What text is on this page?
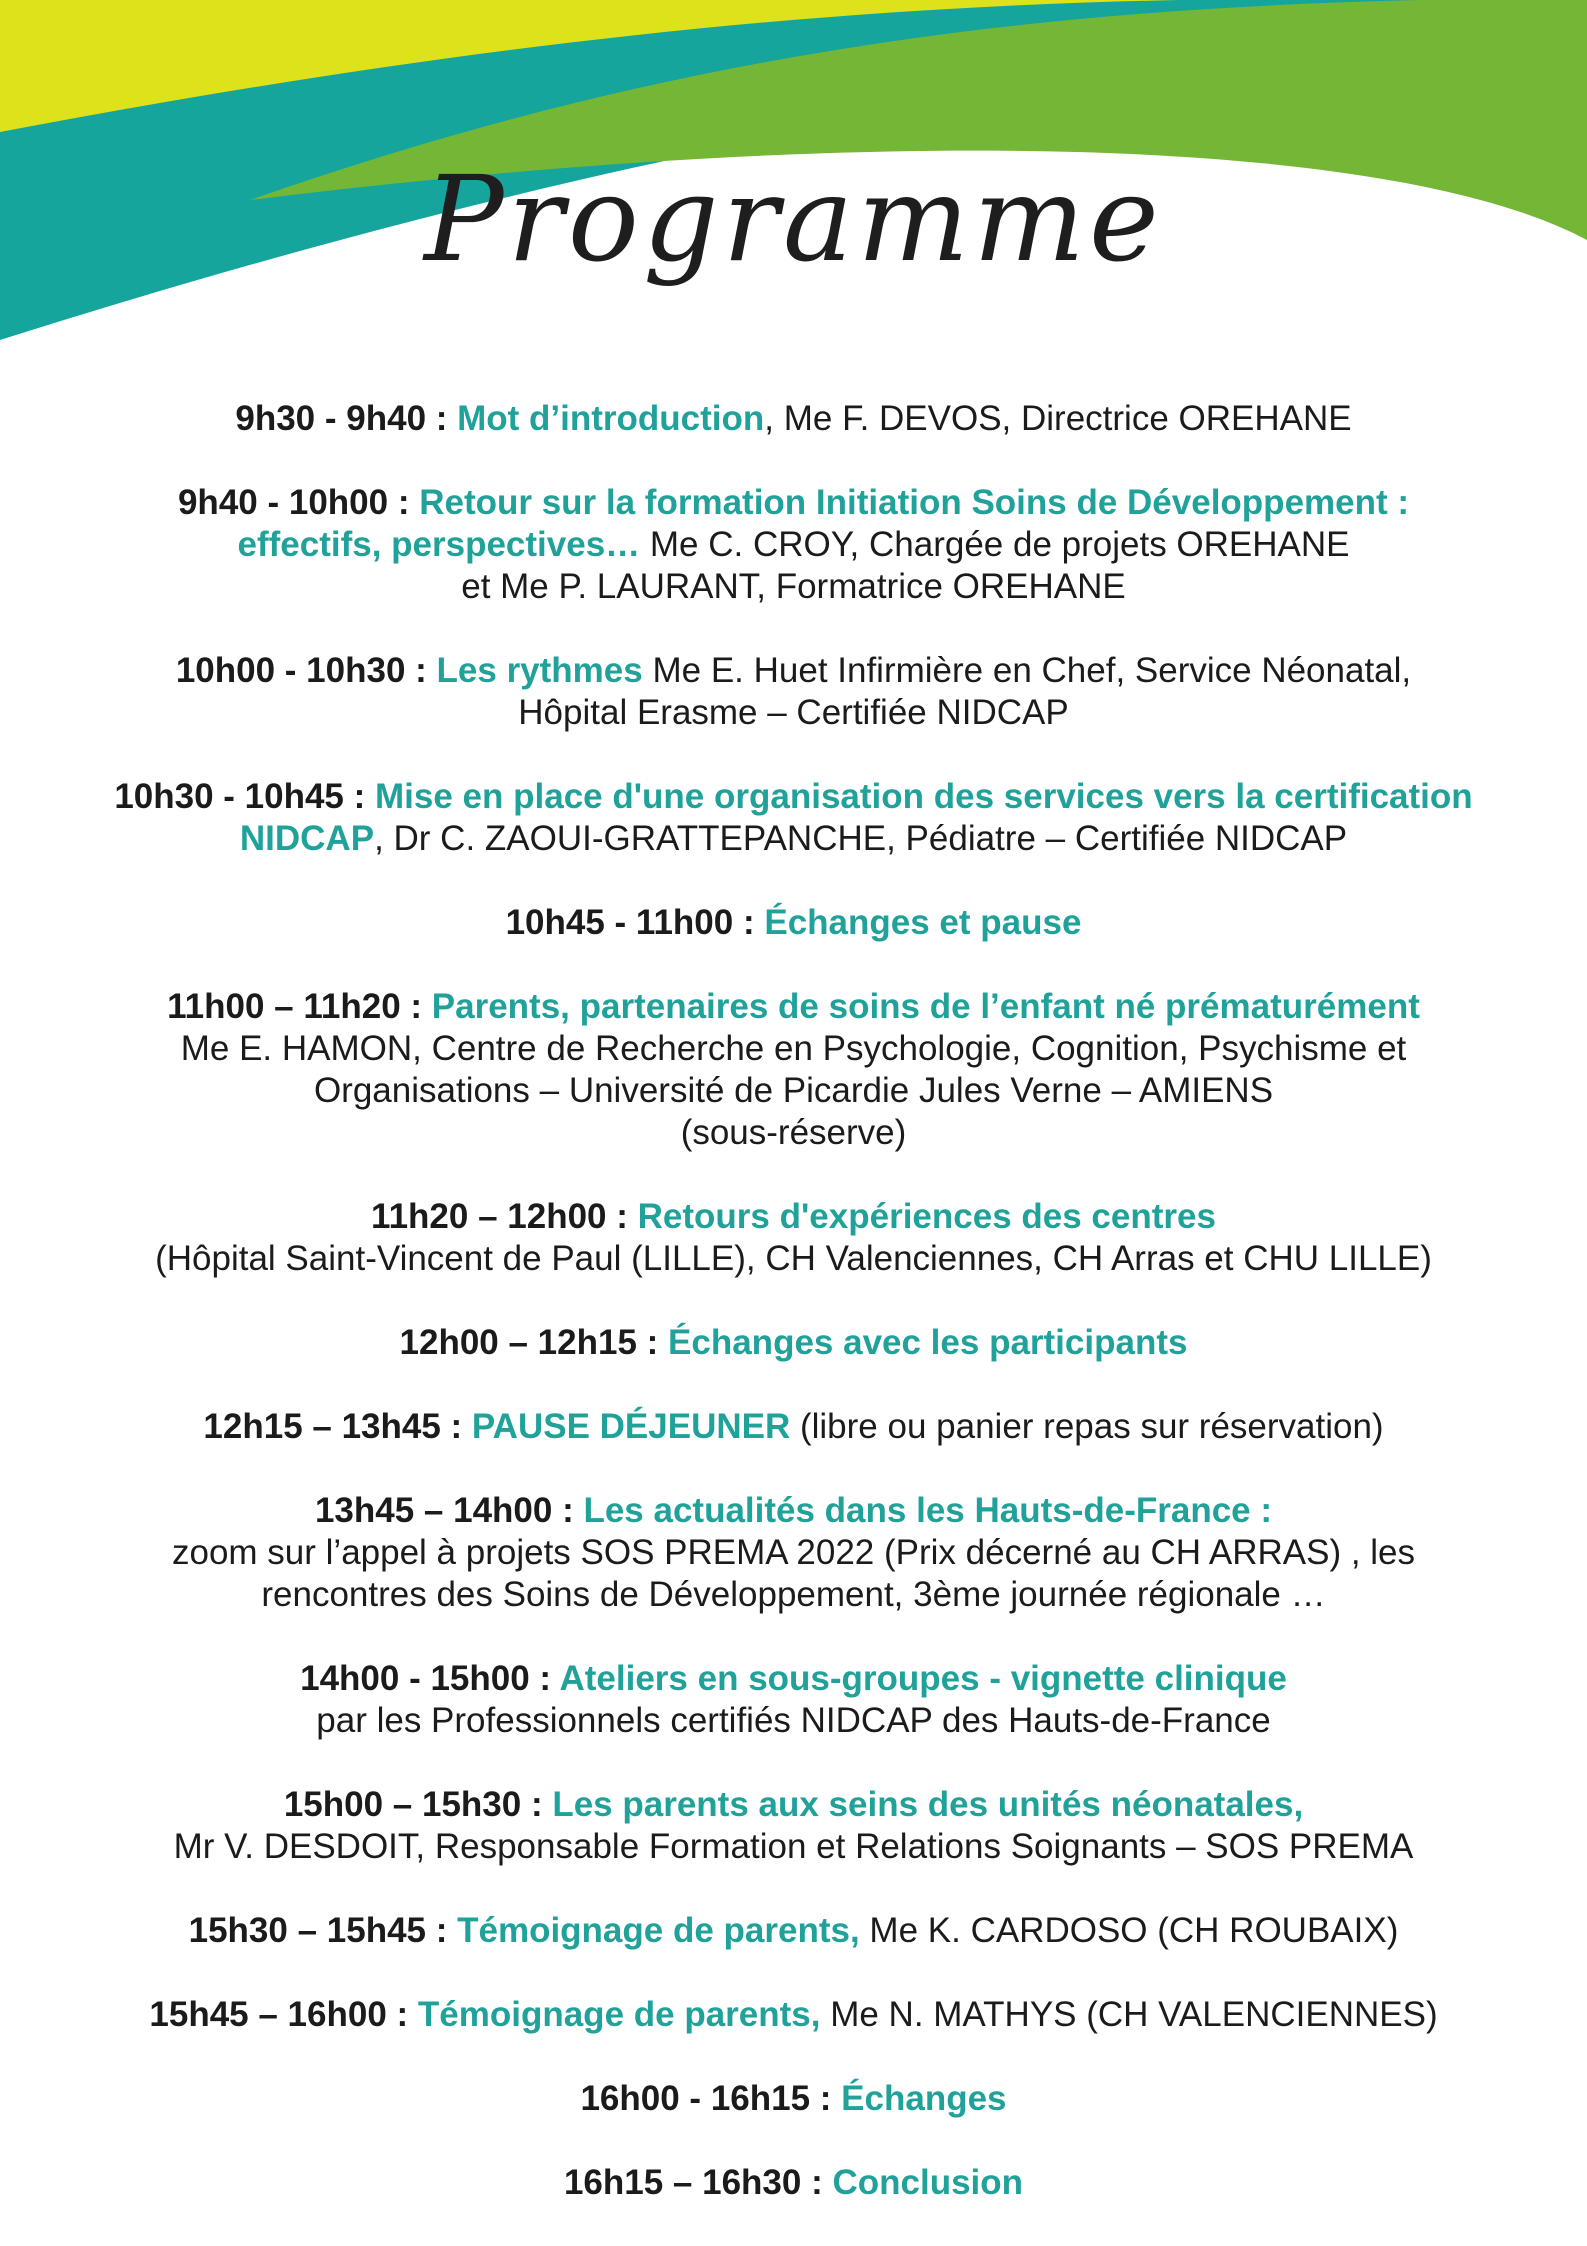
Programme

9h30 - 9h40 : Mot d’introduction, Me F. DEVOS, Directrice OREHANE

9h40 - 10h00 : Retour sur la formation Initiation Soins de Développement :

effectifs, perspectives… Me C. CROY, Chargée de projets OREHANE

et Me P. LAURANT, Formatrice OREHANE

10h00 - 10h30 : Les rythmes Me E. Huet Infirmière en Chef, Service Néonatal,

Hôpital Erasme – Certifiée NIDCAP

10h30 - 10h45 : Mise en place d'une organisation des services vers la certification

NIDCAP, Dr C. ZAOUI-GRATTEPANCHE, Pédiatre – Certifiée NIDCAP

10h45 - 11h00 : Échanges et pause

11h00 – 11h20 : Parents, partenaires de soins de l’enfant né prématurément

Me E. HAMON, Centre de Recherche en Psychologie, Cognition, Psychisme et

Organisations – Université de Picardie Jules Verne – AMIENS

(sous-réserve)

11h20 – 12h00 : Retours d'expériences des centres

(Hôpital Saint-Vincent de Paul (LILLE), CH Valenciennes, CH Arras et CHU LILLE)

12h00 – 12h15 : Échanges avec les participants

12h15 – 13h45 : PAUSE DÉJEUNER (libre ou panier repas sur réservation)

13h45 – 14h00 : Les actualités dans les Hauts-de-France :

zoom sur l’appel à projets SOS PREMA 2022 (Prix décerné au CH ARRAS) , les

rencontres des Soins de Développement, 3ème journée régionale …

14h00 - 15h00 : Ateliers en sous-groupes - vignette clinique

par les Professionnels certifiés NIDCAP des Hauts-de-France

15h00 – 15h30 : Les parents aux seins des unités néonatales,

Mr V. DESDOIT, Responsable Formation et Relations Soignants – SOS PREMA

15h30 – 15h45 : Témoignage de parents, Me K. CARDOSO (CH ROUBAIX)

15h45 – 16h00 : Témoignage de parents, Me N. MATHYS (CH VALENCIENNES)

16h00 - 16h15 : Échanges

16h15 – 16h30 : Conclusion
